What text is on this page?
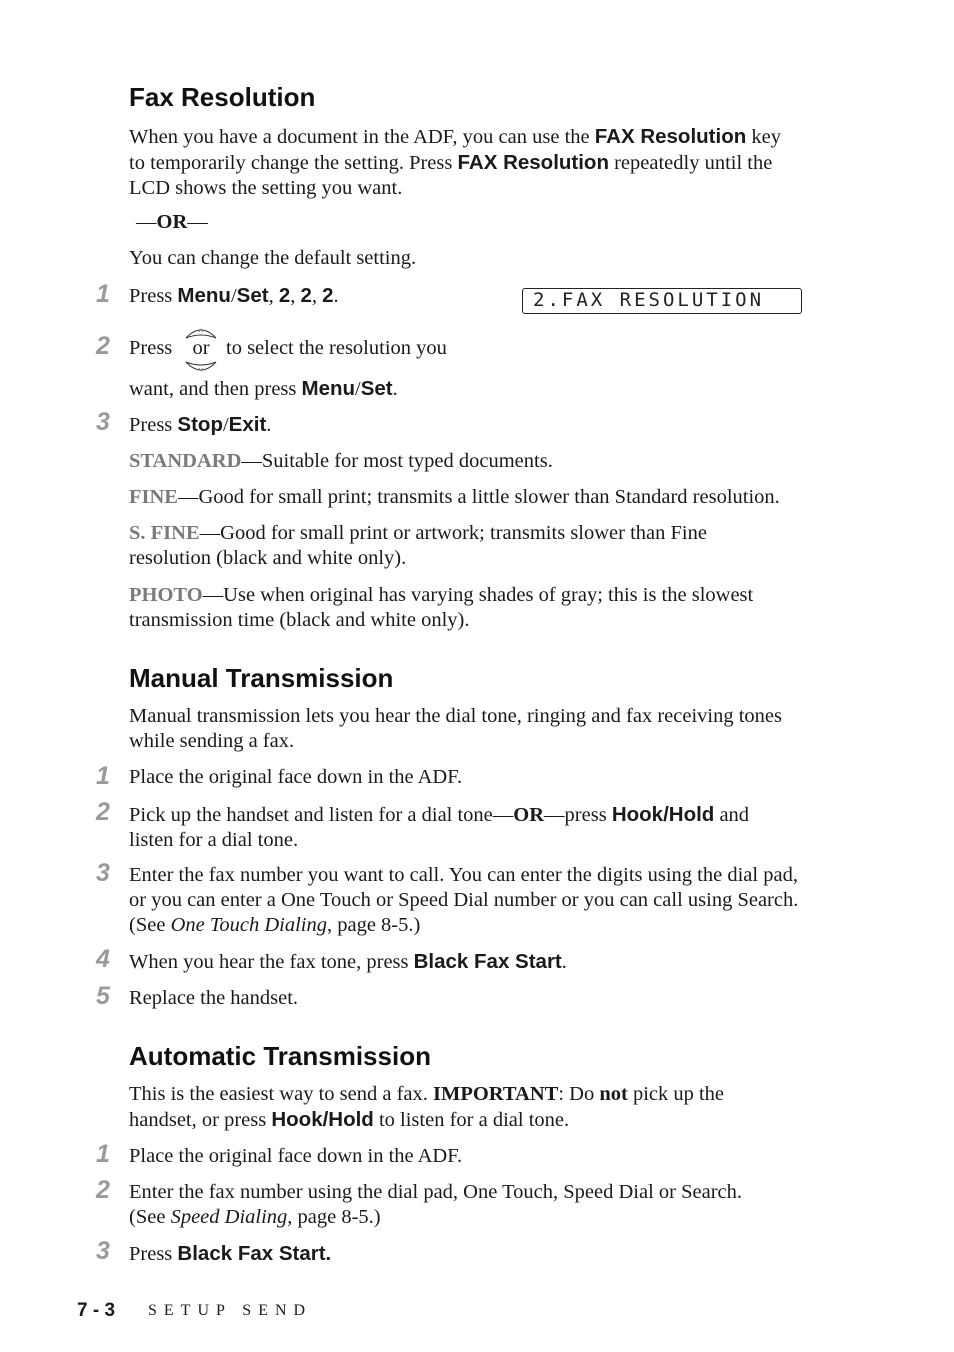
Fax Resolution
When you have a document in the ADF, you can use the FAX Resolution key
to temporarily change the setting. Press FAX Resolution repeatedly until the
LCD shows the setting you want.
—OR—
You can change the default setting.
1 Press Menu/Set, 2, 2, 2.	2.FAX RESOLUTION
2 Press or to select the resolution you
want, and then press Menu/Set.
3 Press Stop/Exit.
STANDARD—Suitable for most typed documents.
FINE—Good for small print; transmits a little slower than Standard resolution.
S. FINE—Good for small print or artwork; transmits slower than Fine
resolution (black and white only).
PHOTO—Use when original has varying shades of gray; this is the slowest
transmission time (black and white only).
Manual Transmission
Manual transmission lets you hear the dial tone, ringing and fax receiving tones
while sending a fax.
1 Place the original face down in the ADF.
2 Pick up the handset and listen for a dial tone—OR—press Hook/Hold and
listen for a dial tone.
3 Enter the fax number you want to call. You can enter the digits using the dial pad,
or you can enter a One Touch or Speed Dial number or you can call using Search.
(See One Touch Dialing, page 8-5.)
4 When you hear the fax tone, press Black Fax Start.
5 Replace the handset.
Automatic Transmission
This is the easiest way to send a fax. IMPORTANT: Do not pick up the
handset, or press Hook/Hold to listen for a dial tone.
1 Place the original face down in the ADF.
2 Enter the fax number using the dial pad, One Touch, Speed Dial or Search.
(See Speed Dialing, page 8-5.)
3 Press Black Fax Start.
7 - 3 SETUP SEND
